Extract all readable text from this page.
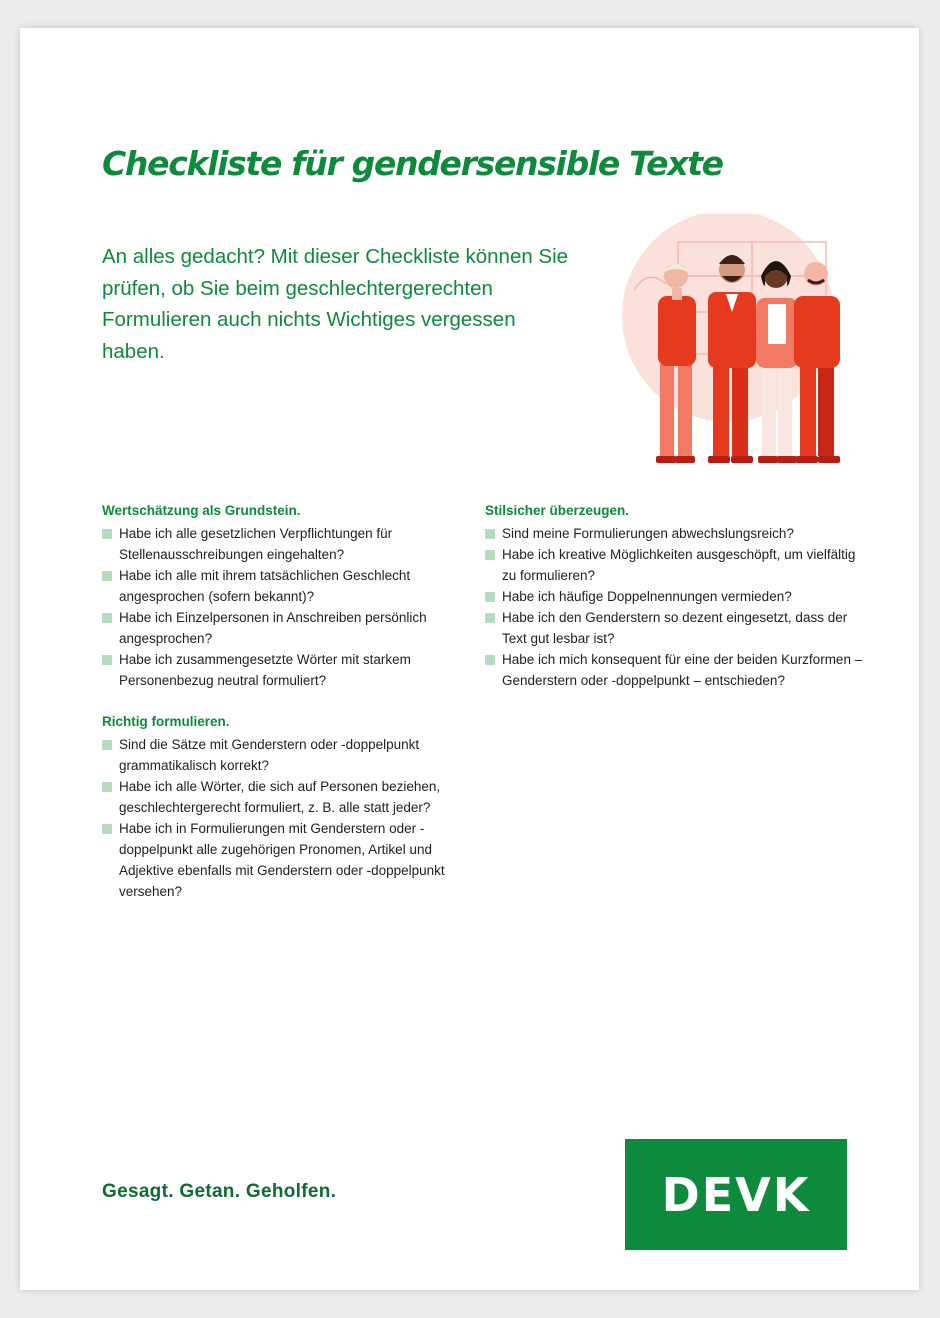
Checkliste für gendersensible Texte

An alles gedacht? Mit dieser Checkliste können Sie prüfen, ob Sie beim geschlechtergerechten Formulieren auch nichts Wichtiges vergessen haben.

Wertschätzung als Grundstein.
Habe ich alle gesetzlichen Verpflichtungen für Stellenausschreibungen eingehalten?
Habe ich alle mit ihrem tatsächlichen Geschlecht angesprochen (sofern bekannt)?
Habe ich Einzelpersonen in Anschreiben persönlich angesprochen?
Habe ich zusammengesetzte Wörter mit starkem Personenbezug neutral formuliert?
Richtig formulieren.
Sind die Sätze mit Genderstern oder -doppelpunkt grammatikalisch korrekt?
Habe ich alle Wörter, die sich auf Personen beziehen, geschlechtergerecht formuliert, z. B. alle statt jeder?
Habe ich in Formulierungen mit Genderstern oder -doppelpunkt alle zugehörigen Pronomen, Artikel und Adjektive ebenfalls mit Genderstern oder -doppelpunkt versehen?
Stilsicher überzeugen.
Sind meine Formulierungen abwechslungsreich?
Habe ich kreative Möglichkeiten ausgeschöpft, um vielfältig zu formulieren?
Habe ich häufige Doppelnennungen vermieden?
Habe ich den Genderstern so dezent eingesetzt, dass der Text gut lesbar ist?
Habe ich mich konsequent für eine der beiden Kurzformen – Genderstern oder -doppelpunkt – entschieden?

Gesagt. Getan. Geholfen.	DEVK
